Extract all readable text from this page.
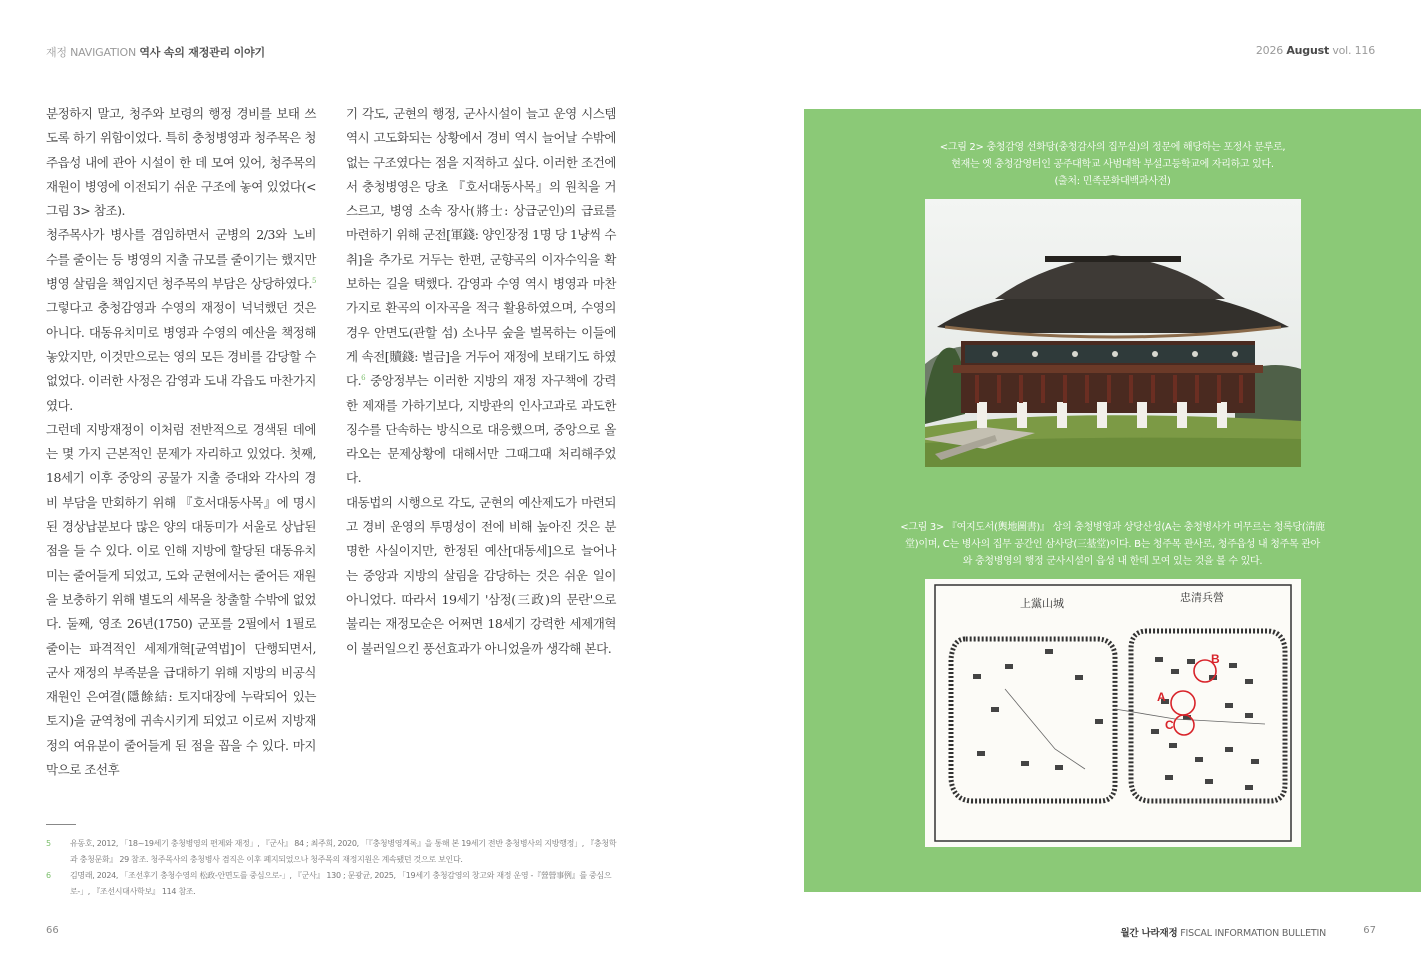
재정 NAVIGATION 역사 속의 재정관리 이야기	2026 August vol. 116

분정하지 말고, 청주와 보령의 행정 경비를 보태 쓰도록 하기 위함이었다. 특히 충청병영과 청주목은 청주읍성 내에 관아 시설이 한 데 모여 있어, 청주목의 재원이 병영에 이전되기 쉬운 구조에 놓여 있었다(<그림 3> 참조).

청주목사가 병사를 겸임하면서 군병의 2/3와 노비 수를 줄이는 등 병영의 지출 규모를 줄이기는 했지만 병영 살림을 책임지던 청주목의 부담은 상당하였다.$^5$ 그렇다고 충청감영과 수영의 재정이 넉넉했던 것은 아니다. 대동유치미로 병영과 수영의 예산을 책정해 놓았지만, 이것만으로는 영의 모든 경비를 감당할 수 없었다. 이러한 사정은 감영과 도내 각읍도 마찬가지였다.

그런데 지방재정이 이처럼 전반적으로 경색된 데에는 몇 가지 근본적인 문제가 자리하고 있었다. 첫째, 18세기 이후 중앙의 공물가 지출 증대와 각사의 경비 부담을 만회하기 위해 『호서대동사목』에 명시된 경상납분보다 많은 양의 대동미가 서울로 상납된 점을 들 수 있다. 이로 인해 지방에 할당된 대동유치미는 줄어들게 되었고, 도와 군현에서는 줄어든 재원을 보충하기 위해 별도의 세목을 창출할 수밖에 없었다. 둘째, 영조 26년(1750) 군포를 2필에서 1필로 줄이는 파격적인 세제개혁[균역법]이 단행되면서, 군사 재정의 부족분을 급대하기 위해 지방의 비공식 재원인 은여결(隱餘結: 토지대장에 누락되어 있는 토지)을 균역청에 귀속시키게 되었고 이로써 지방재정의 여유분이 줄어들게 된 점을 꼽을 수 있다. 마지막으로 조선후

기 각도, 군현의 행정, 군사시설이 늘고 운영 시스템 역시 고도화되는 상황에서 경비 역시 늘어날 수밖에 없는 구조였다는 점을 지적하고 싶다. 이러한 조건에서 충청병영은 당초 『호서대동사목』의 원칙을 거스르고, 병영 소속 장사(將士: 상급군인)의 급료를 마련하기 위해 군전[軍錢: 양인장정 1명 당 1냥씩 수취]을 추가로 거두는 한편, 군향곡의 이자수익을 확보하는 길을 택했다. 감영과 수영 역시 병영과 마찬가지로 환곡의 이자곡을 적극 활용하였으며, 수영의 경우 안면도(관할 섬) 소나무 숲을 벌목하는 이들에게 속전[贖錢: 벌금]을 거두어 재정에 보태기도 하였다.$^6$ 중앙정부는 이러한 지방의 재정 자구책에 강력한 제재를 가하기보다, 지방관의 인사고과로 과도한 징수를 단속하는 방식으로 대응했으며, 중앙으로 올라오는 문제상황에 대해서만 그때그때 처리해주었다.

대동법의 시행으로 각도, 군현의 예산제도가 마련되고 경비 운영의 투명성이 전에 비해 높아진 것은 분명한 사실이지만, 한정된 예산[대동세]으로 늘어나는 중앙과 지방의 살림을 감당하는 것은 쉬운 일이 아니었다. 따라서 19세기 '삼정(三政)의 문란'으로 불리는 재정모순은 어쩌면 18세기 강력한 세제개혁이 불러일으킨 풍선효과가 아니었을까 생각해 본다.

5	유동호, 2012, 「18~19세기 충청병영의 편제와 재정」, 『군사』 84 ; 최주희, 2020, 「『충청병영계록』을 통해 본 19세기 전반 충청병사의 지방행정」, 『충청학과 충청문화』 29 참조. 청주목사의 충청병사 겸직은 이후 폐지되었으나 청주목의 재정지원은 계속됐던 것으로 보인다.
6	김명래, 2024, 「조선후기 충청수영의 松政-안면도를 중심으로-」, 『군사』 130 ; 문광균, 2025, 「19세기 충청감영의 창고와 재정 운영 -『營營事例』를 중심으로-」, 『조선시대사학보』 114 참조.
66	월간 나라재정 FISCAL INFORMATION BULLETIN	67
<그림 2> 충청감영 선화당(충청감사의 집무실)의 정문에 해당하는 포정사 문루로,
현재는 옛 충청감영터인 공주대학교 사범대학 부설고등학교에 자리하고 있다.
(출처: 민족문화대백과사전)
<그림 3> 『여지도서(輿地圖書)』 상의 충청병영과 상당산성(A는 충청병사가 머무르는 청록당(淸鹿
堂)이며, C는 병사의 집무 공간인 삼사당(三䑓堂)이다. B는 청주목 관사로, 청주읍성 내 청주목 관아
와 충청병영의 행정 군사시설이 읍성 내 한데 모여 있는 것을 볼 수 있다.
上黨山城	忠清兵營
B
A
C
